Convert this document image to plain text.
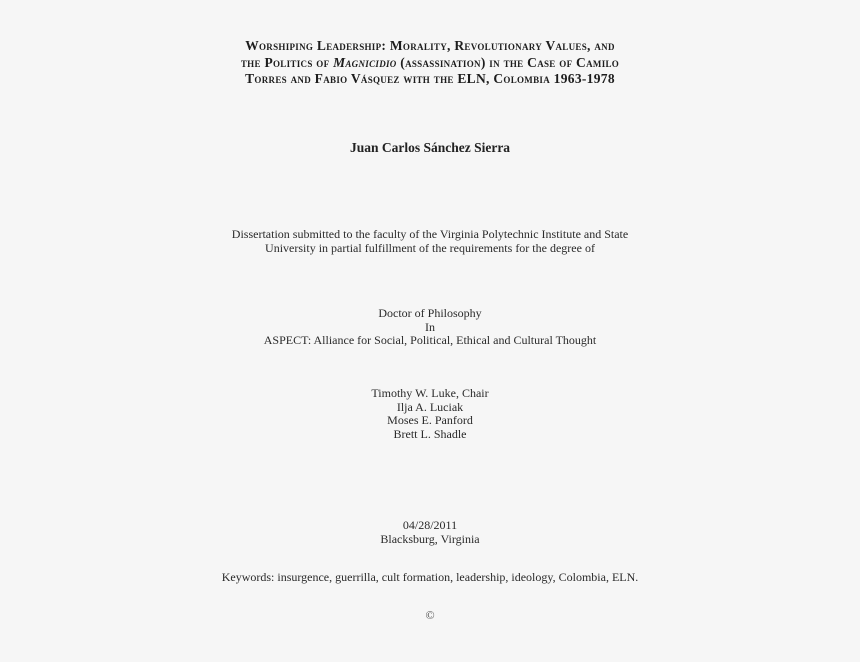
Worshiping Leadership: Morality, Revolutionary Values, and
the Politics of Magnicidio (assassination) in the Case of Camilo
Torres and Fabio Vásquez with the ELN, Colombia 1963-1978
Juan Carlos Sánchez Sierra
Dissertation submitted to the faculty of the Virginia Polytechnic Institute and State
University in partial fulfillment of the requirements for the degree of
Doctor of Philosophy
In
ASPECT: Alliance for Social, Political, Ethical and Cultural Thought
Timothy W. Luke, Chair
Ilja A. Luciak
Moses E. Panford
Brett L. Shadle
04/28/2011
Blacksburg, Virginia
Keywords: insurgence, guerrilla, cult formation, leadership, ideology, Colombia, ELN.
©
